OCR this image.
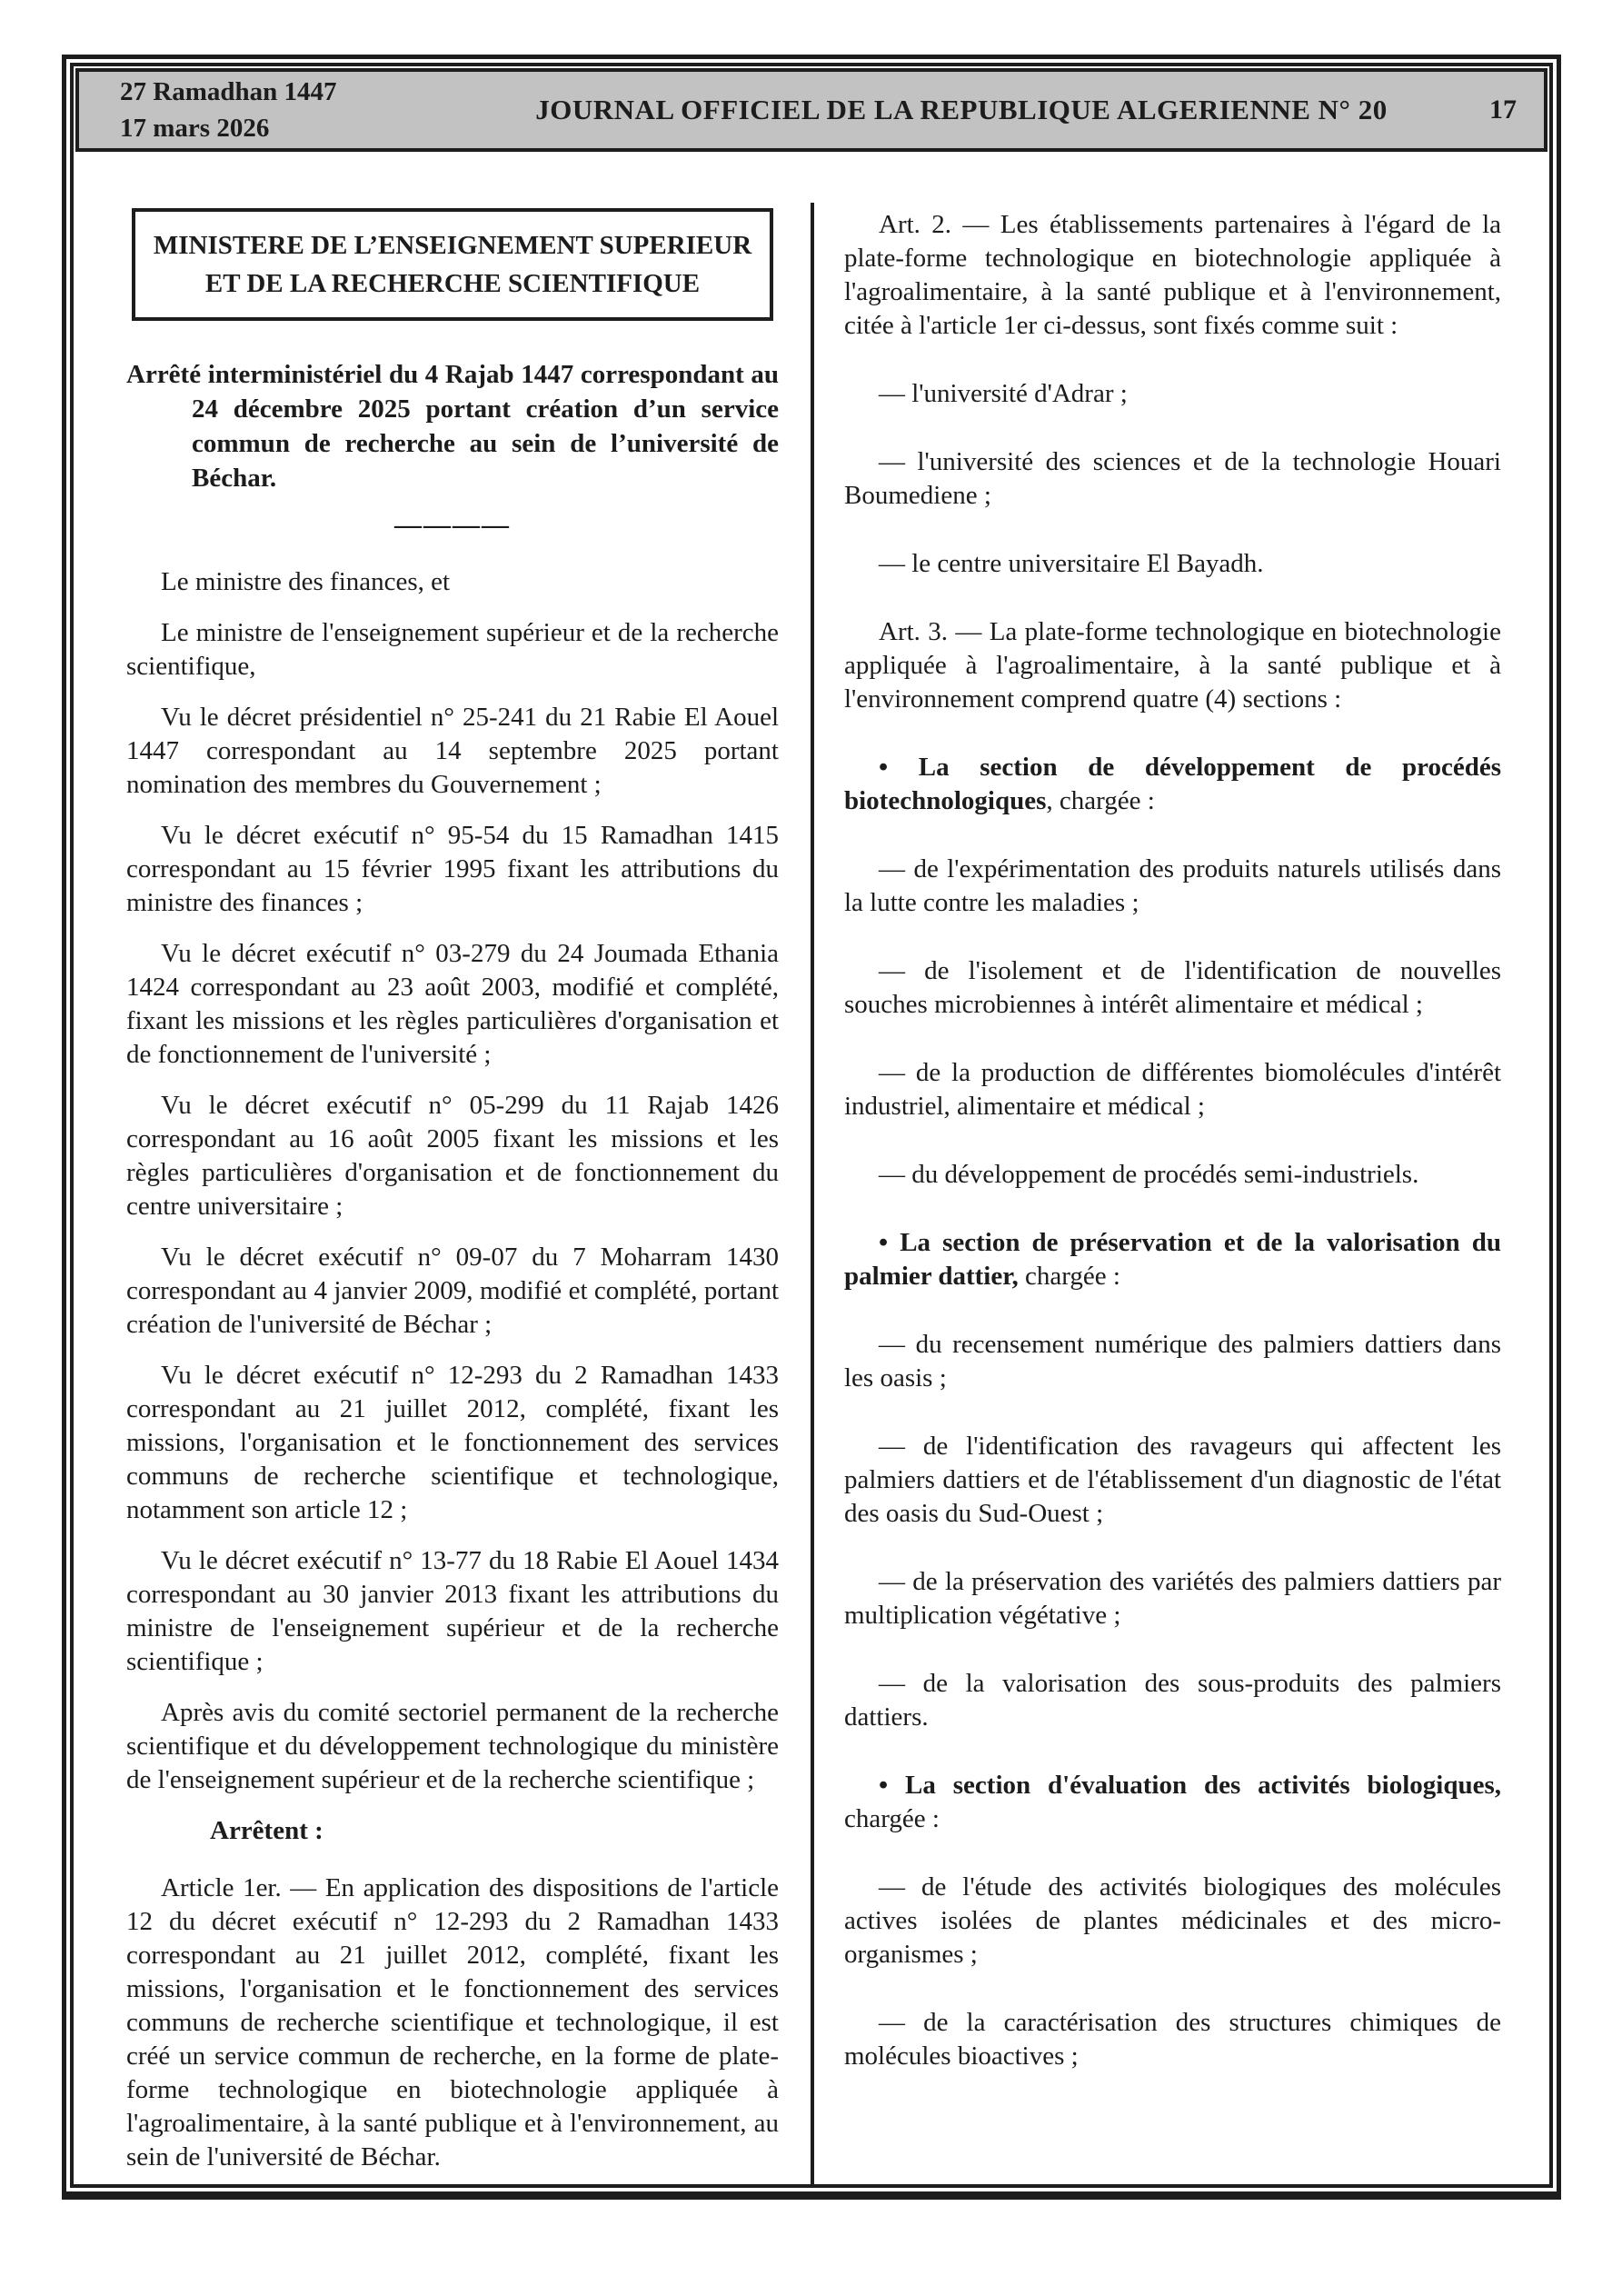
27 Ramadhan 1447
17 mars 2026
JOURNAL OFFICIEL DE LA REPUBLIQUE ALGERIENNE N° 20	17
MINISTERE DE L’ENSEIGNEMENT SUPERIEUR
ET DE LA RECHERCHE SCIENTIFIQUE

Arrêté interministériel du 4 Rajab 1447 correspondant au 24 décembre 2025 portant création d’un service commun de recherche au sein de l’université de Béchar.

————

Le ministre des finances, et

Le ministre de l'enseignement supérieur et de la recherche scientifique,

Vu le décret présidentiel n° 25-241 du 21 Rabie El Aouel 1447 correspondant au 14 septembre 2025 portant nomination des membres du Gouvernement ;

Vu le décret exécutif n° 95-54 du 15 Ramadhan 1415 correspondant au 15 février 1995 fixant les attributions du ministre des finances ;

Vu le décret exécutif n° 03-279 du 24 Joumada Ethania 1424 correspondant au 23 août 2003, modifié et complété, fixant les missions et les règles particulières d'organisation et de fonctionnement de l'université ;

Vu le décret exécutif n° 05-299 du 11 Rajab 1426 correspondant au 16 août 2005 fixant les missions et les règles particulières d'organisation et de fonctionnement du centre universitaire ;

Vu le décret exécutif n° 09-07 du 7 Moharram 1430 correspondant au 4 janvier 2009, modifié et complété, portant création de l'université de Béchar ;

Vu le décret exécutif n° 12-293 du 2 Ramadhan 1433 correspondant au 21 juillet 2012, complété, fixant les missions, l'organisation et le fonctionnement des services communs de recherche scientifique et technologique, notamment son article 12 ;

Vu le décret exécutif n° 13-77 du 18 Rabie El Aouel 1434 correspondant au 30 janvier 2013 fixant les attributions du ministre de l'enseignement supérieur et de la recherche scientifique ;

Après avis du comité sectoriel permanent de la recherche scientifique et du développement technologique du ministère de l'enseignement supérieur et de la recherche scientifique ;

Arrêtent :

Article 1er. — En application des dispositions de l'article 12 du décret exécutif n° 12-293 du 2 Ramadhan 1433 correspondant au 21 juillet 2012, complété, fixant les missions, l'organisation et le fonctionnement des services communs de recherche scientifique et technologique, il est créé un service commun de recherche, en la forme de plate-forme technologique en biotechnologie appliquée à l'agroalimentaire, à la santé publique et à l'environnement, au sein de l'université de Béchar.

Art. 2. — Les établissements partenaires à l'égard de la plate-forme technologique en biotechnologie appliquée à l'agroalimentaire, à la santé publique et à l'environnement, citée à l'article 1er ci-dessus, sont fixés comme suit :

— l'université d'Adrar ;

— l'université des sciences et de la technologie Houari Boumediene ;

— le centre universitaire El Bayadh.

Art. 3. — La plate-forme technologique en biotechnologie appliquée à l'agroalimentaire, à la santé publique et à l'environnement comprend quatre (4) sections :

• La section de développement de procédés biotechnologiques, chargée :

— de l'expérimentation des produits naturels utilisés dans la lutte contre les maladies ;

— de l'isolement et de l'identification de nouvelles souches microbiennes à intérêt alimentaire et médical ;

— de la production de différentes biomolécules d'intérêt industriel, alimentaire et médical ;

— du développement de procédés semi-industriels.

• La section de préservation et de la valorisation du palmier dattier, chargée :

— du recensement numérique des palmiers dattiers dans les oasis ;

— de l'identification des ravageurs qui affectent les palmiers dattiers et de l'établissement d'un diagnostic de l'état des oasis du Sud-Ouest ;

— de la préservation des variétés des palmiers dattiers par multiplication végétative ;

— de la valorisation des sous-produits des palmiers dattiers.

• La section d'évaluation des activités biologiques, chargée :

— de l'étude des activités biologiques des molécules actives isolées de plantes médicinales et des micro-organismes ;

— de la caractérisation des structures chimiques de molécules bioactives ;
